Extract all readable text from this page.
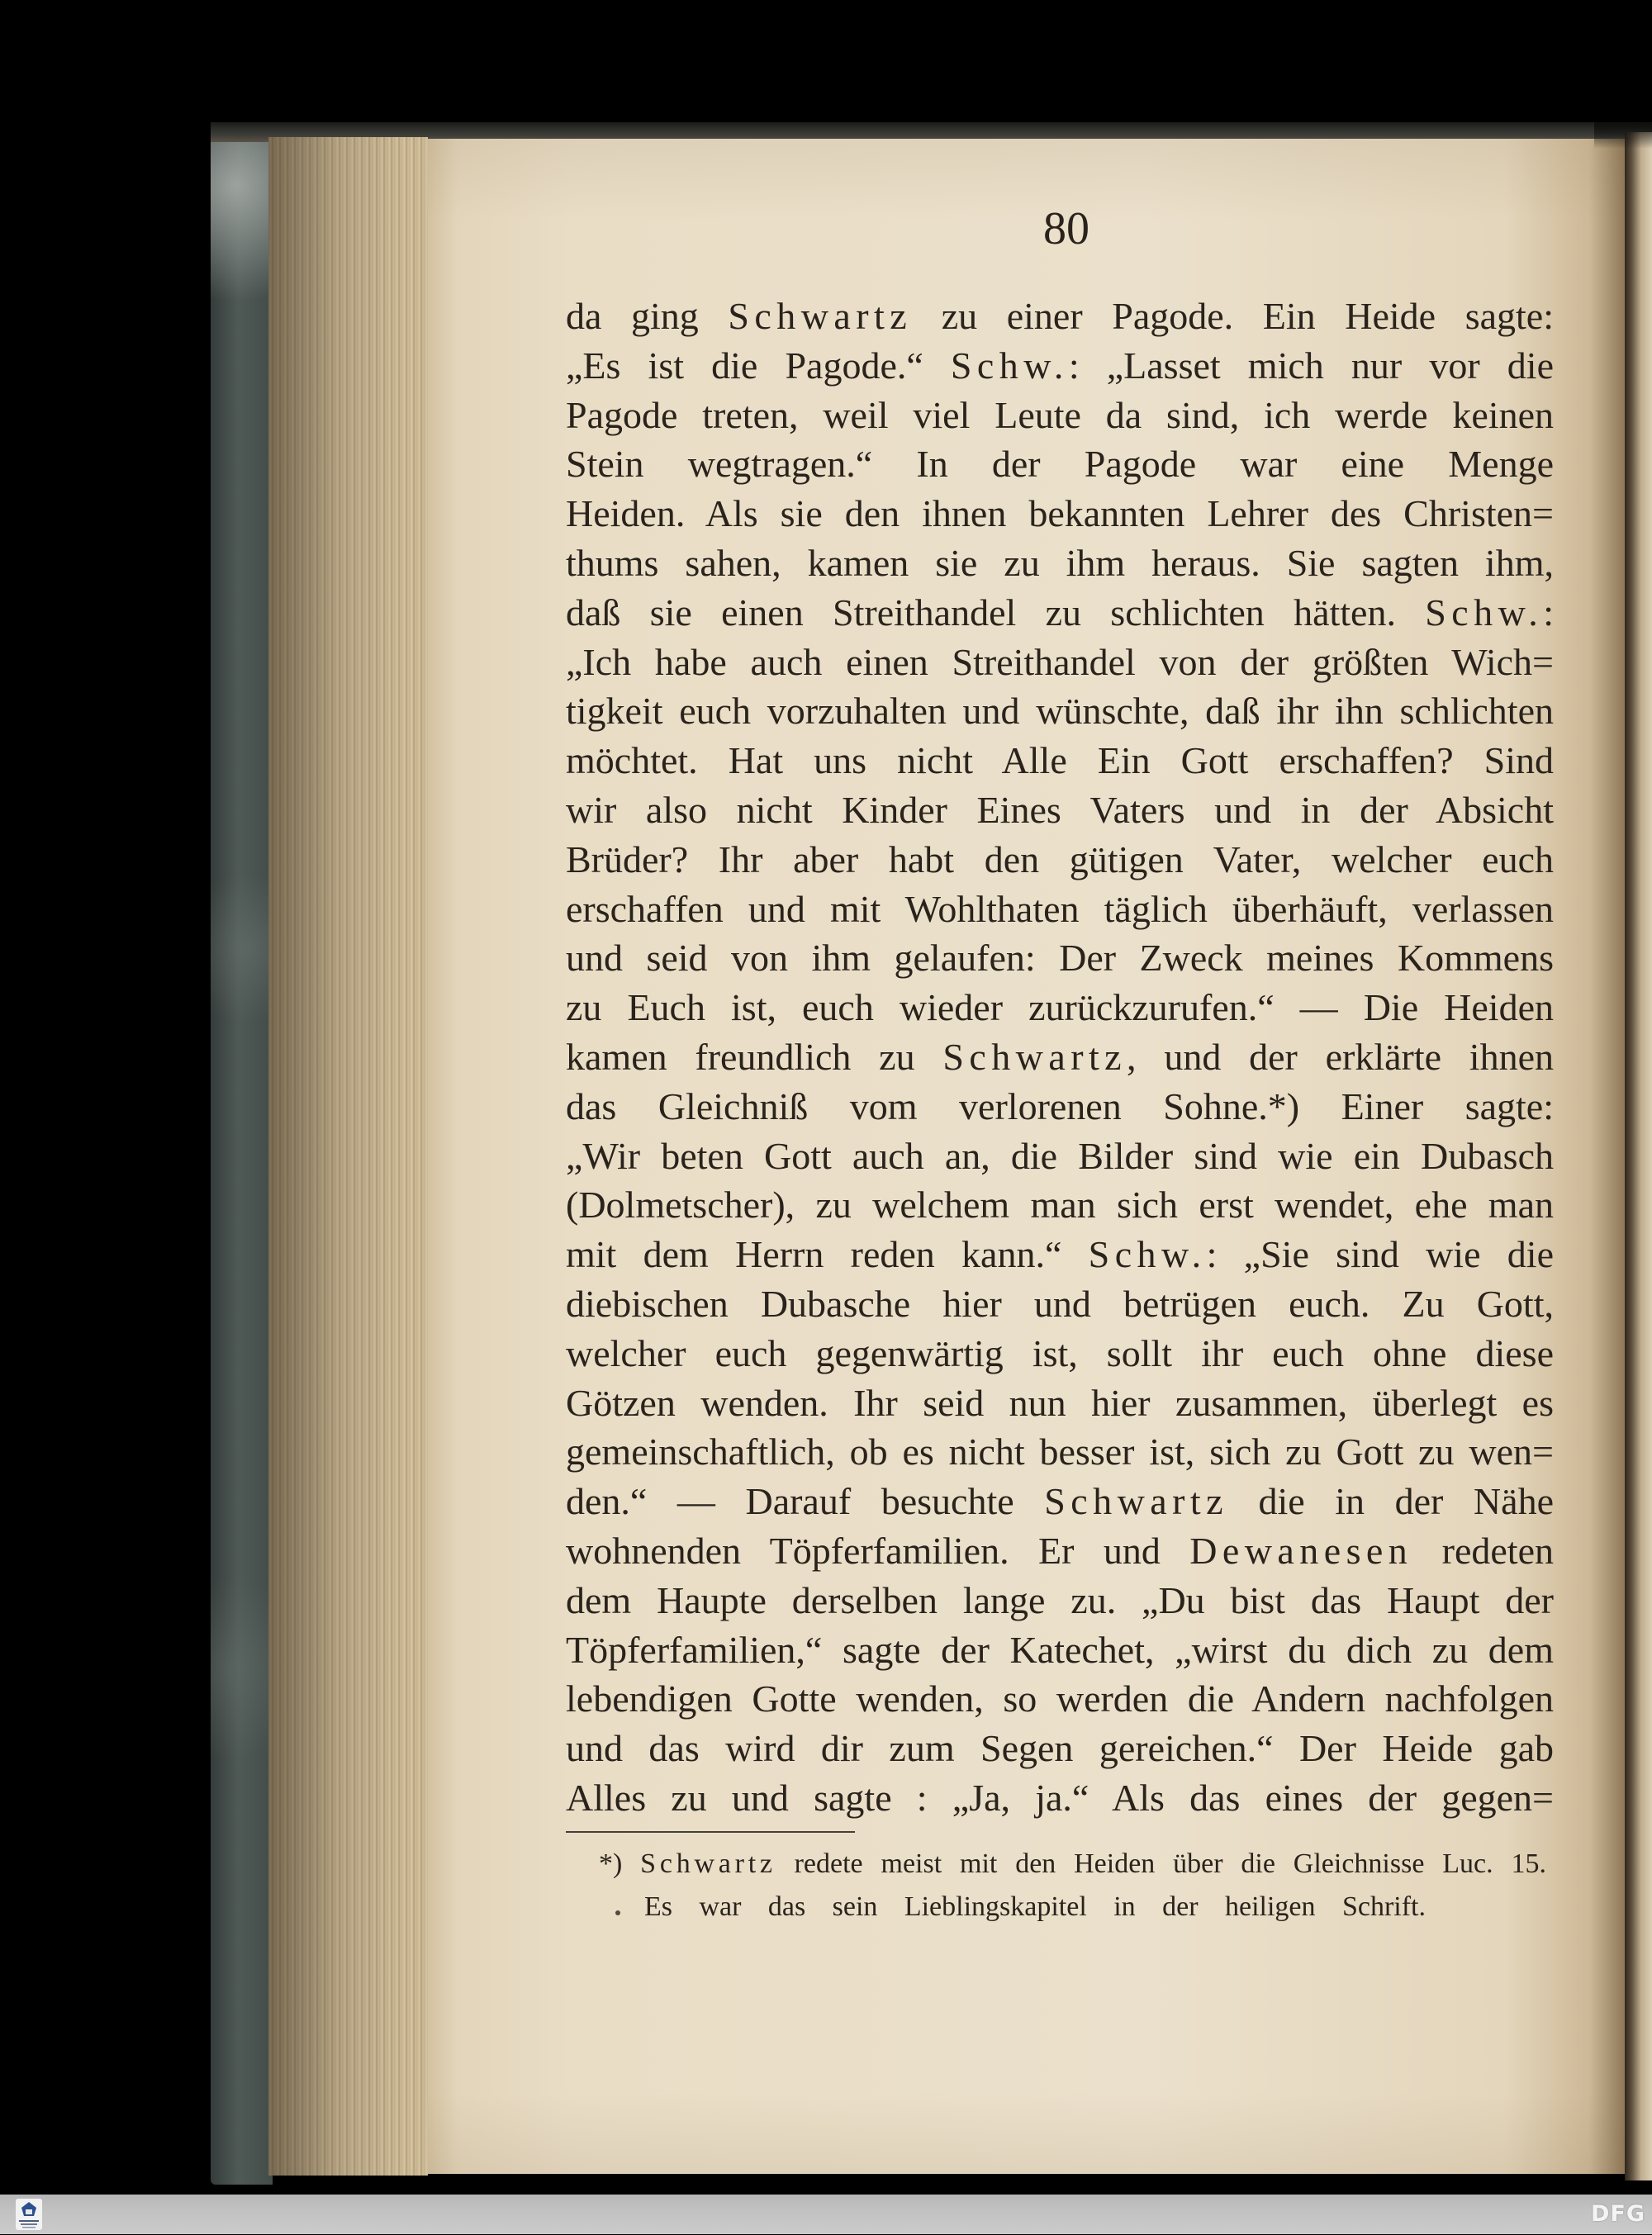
80
da ging Schwartz zu einer Pagode. Ein Heide sagte:
„Es ist die Pagode.“ Schw.: „Lasset mich nur vor die
Pagode treten, weil viel Leute da sind, ich werde keinen
Stein wegtragen.“ In der Pagode war eine Menge
Heiden. Als sie den ihnen bekannten Lehrer des Christen=
thums sahen, kamen sie zu ihm heraus. Sie sagten ihm,
daß sie einen Streithandel zu schlichten hätten. Schw.:
„Ich habe auch einen Streithandel von der größten Wich=
tigkeit euch vorzuhalten und wünschte, daß ihr ihn schlichten
möchtet. Hat uns nicht Alle Ein Gott erschaffen? Sind
wir also nicht Kinder Eines Vaters und in der Absicht
Brüder? Ihr aber habt den gütigen Vater, welcher euch
erschaffen und mit Wohlthaten täglich überhäuft, verlassen
und seid von ihm gelaufen: Der Zweck meines Kommens
zu Euch ist, euch wieder zurückzurufen.“ — Die Heiden
kamen freundlich zu Schwartz, und der erklärte ihnen
das Gleichniß vom verlorenen Sohne.*) Einer sagte:
„Wir beten Gott auch an, die Bilder sind wie ein Dubasch
(Dolmetscher), zu welchem man sich erst wendet, ehe man
mit dem Herrn reden kann.“ Schw.: „Sie sind wie die
diebischen Dubasche hier und betrügen euch. Zu Gott,
welcher euch gegenwärtig ist, sollt ihr euch ohne diese
Götzen wenden. Ihr seid nun hier zusammen, überlegt es
gemeinschaftlich, ob es nicht besser ist, sich zu Gott zu wen=
den.“ — Darauf besuchte Schwartz die in der Nähe
wohnenden Töpferfamilien. Er und Dewanesen redeten
dem Haupte derselben lange zu. „Du bist das Haupt der
Töpferfamilien,“ sagte der Katechet, „wirst du dich zu dem
lebendigen Gotte wenden, so werden die Andern nachfolgen
und das wird dir zum Segen gereichen.“ Der Heide gab
Alles zu und sagte : „Ja, ja.“ Als das eines der gegen=
*) Schwartz redete meist mit den Heiden über die Gleichnisse Luc. 15.
Es war das sein Lieblingskapitel in der heiligen Schrift.
DFG
